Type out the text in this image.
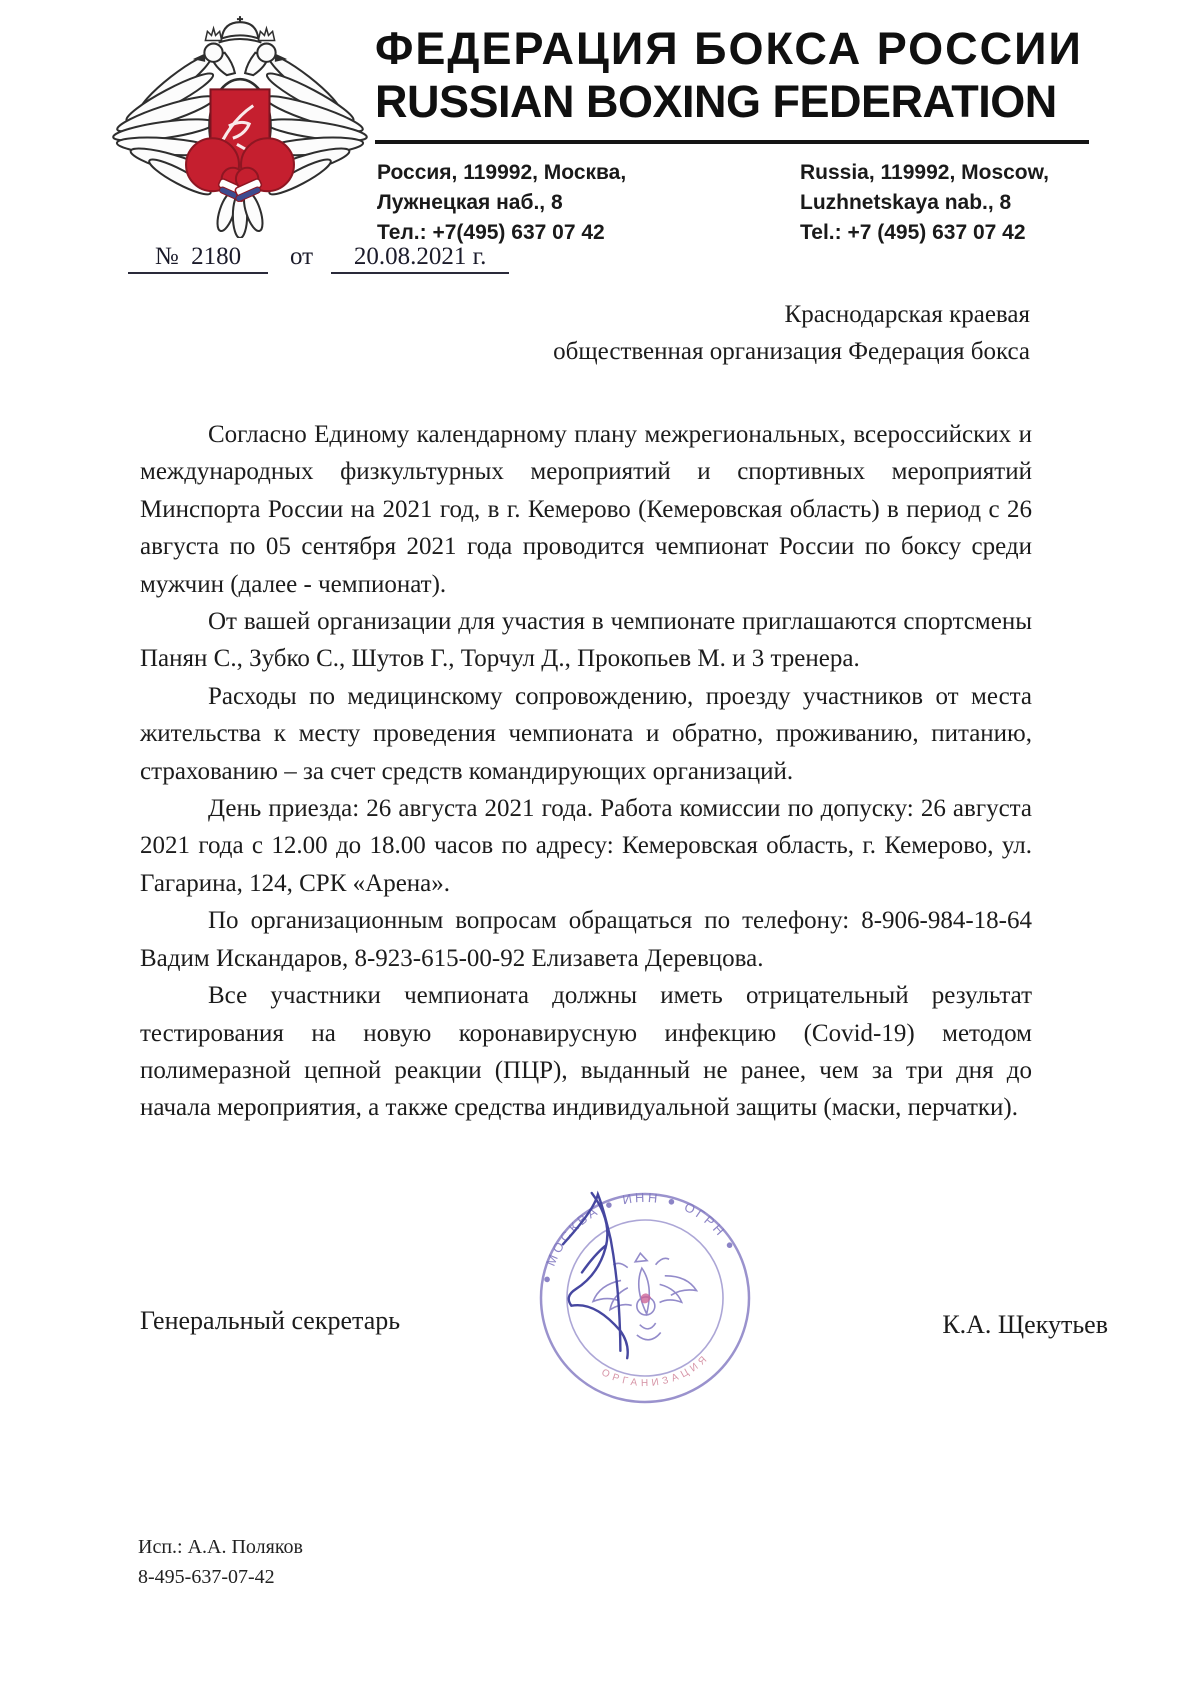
ФЕДЕРАЦИЯ БОКСА РОССИИ
RUSSIAN BOXING FEDERATION
Россия, 119992, Москва,
Лужнецкая наб., 8
Тел.: +7(495) 637 07 42
Russia, 119992, Moscow,
Luzhnetskaya nab., 8
Tel.: +7 (495) 637 07 42
№ 2180 от 20.08.2021 г.
Краснодарская краевая
общественная организация Федерация бокса

Согласно Единому календарному плану межрегиональных, всероссийских и международных физкультурных мероприятий и спортивных мероприятий Минспорта России на 2021 год, в г. Кемерово (Кемеровская область) в период с 26 августа по 05 сентября 2021 года проводится чемпионат России по боксу среди мужчин (далее - чемпионат).

От вашей организации для участия в чемпионате приглашаются спортсмены Панян С., Зубко С., Шутов Г., Торчул Д., Прокопьев М. и 3 тренера.

Расходы по медицинскому сопровождению, проезду участников от места жительства к месту проведения чемпионата и обратно, проживанию, питанию, страхованию – за счет средств командирующих организаций.

День приезда: 26 августа 2021 года. Работа комиссии по допуску: 26 августа 2021 года с 12.00 до 18.00 часов по адресу: Кемеровская область, г. Кемерово, ул. Гагарина, 124, СРК «Арена».

По организационным вопросам обращаться по телефону: 8-906-984-18-64 Вадим Искандаров, 8-923-615-00-92 Елизавета Деревцова.

Все участники чемпионата должны иметь отрицательный результат тестирования на новую коронавирусную инфекцию (Covid-19) методом полимеразной цепной реакции (ПЦР), выданный не ранее, чем за три дня до начала мероприятия, а также средства индивидуальной защиты (маски, перчатки).

Генеральный секретарь	К.А. Щекутьев
● МОСКВА ● ИНН ● ОГРН ●
ОРГАНИЗАЦИЯ
Исп.: А.А. Поляков
8-495-637-07-42
